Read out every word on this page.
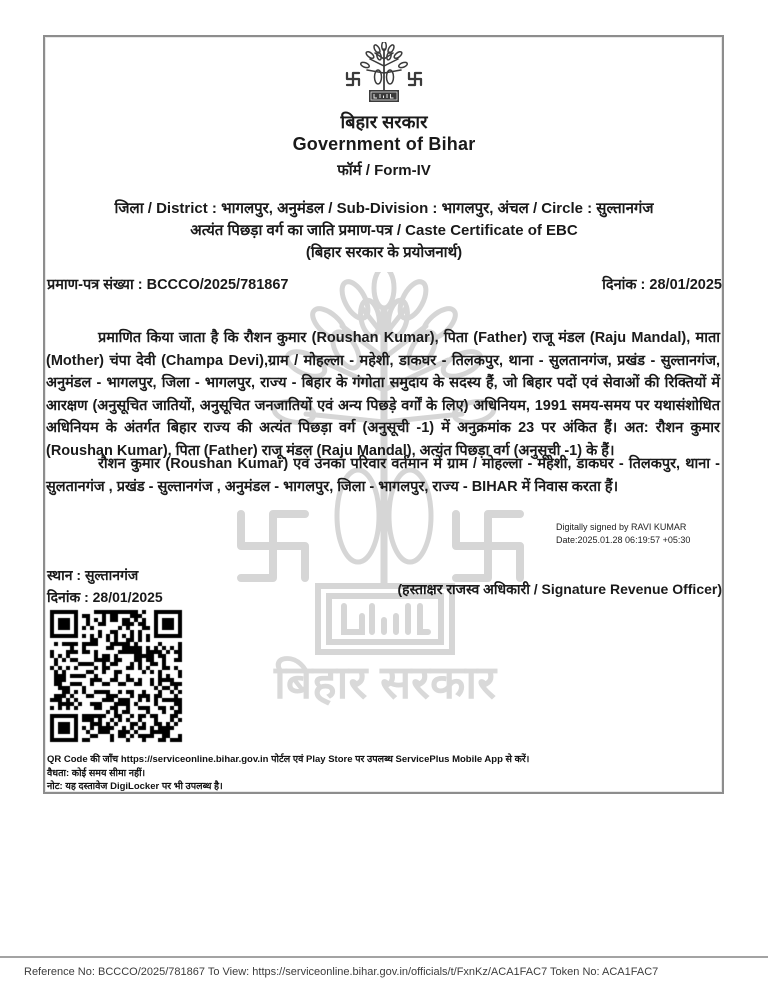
बिहार सरकार
बिहार सरकार
Government of Bihar
फॉर्म / Form-IV
जिला / District : भागलपुर, अनुमंडल / Sub-Division : भागलपुर, अंचल / Circle : सुल्तानगंज
अत्यंत पिछड़ा वर्ग का जाति प्रमाण-पत्र / Caste Certificate of EBC
(बिहार सरकार के प्रयोजनार्थ)
प्रमाण-पत्र संख्या : BCCCO/2025/781867	दिनांक : 28/01/2025
प्रमाणित किया जाता है कि रौशन कुमार (Roushan Kumar), पिता (Father) राजू मंडल (Raju Mandal), माता (Mother) चंपा देवी (Champa Devi),ग्राम / मोहल्ला - महेशी, डाकघर - तिलकपुर, थाना - सुलतानगंज, प्रखंड - सुल्तानगंज, अनुमंडल - भागलपुर, जिला - भागलपुर, राज्य - बिहार के गंगोता समुदाय के सदस्य हैं, जो बिहार पदों एवं सेवाओं की रिक्तियों में आरक्षण (अनुसूचित जातियों, अनुसूचित जनजातियों एवं अन्य पिछड़े वर्गों के लिए) अधिनियम, 1991 समय-समय पर यथासंशोधित अधिनियम के अंतर्गत बिहार राज्य की अत्यंत पिछड़ा वर्ग (अनुसूची -1) में अनुक्रमांक 23 पर अंकित हैं। अत: रौशन कुमार (Roushan Kumar), पिता (Father) राजू मंडल (Raju Mandal), अत्यंत पिछड़ा वर्ग (अनुसूची -1) के हैं।
रौशन कुमार (Roushan Kumar) एवं उनका परिवार वर्तमान में ग्राम / मोहल्ला - महेशी, डाकघर - तिलकपुर, थाना - सुलतानगंज , प्रखंड - सुल्तानगंज , अनुमंडल - भागलपुर, जिला - भागलपुर, राज्य - BIHAR में निवास करता हैं।
Digitally signed by RAVI KUMAR
Date:2025.01.28 06:19:57 +05:30
स्थान : सुल्तानगंज
दिनांक : 28/01/2025	(हस्ताक्षर राजस्व अधिकारी / Signature Revenue Officer)
QR Code की जाँच https://serviceonline.bihar.gov.in पोर्टल एवं Play Store पर उपलब्ध ServicePlus Mobile App से करें।
वैधता: कोई समय सीमा नहीं।
नोट: यह दस्तावेज DigiLocker पर भी उपलब्ध है।
Reference No: BCCCO/2025/781867 To View: https://serviceonline.bihar.gov.in/officials/t/FxnKz/ACA1FAC7 Token No: ACA1FAC7
